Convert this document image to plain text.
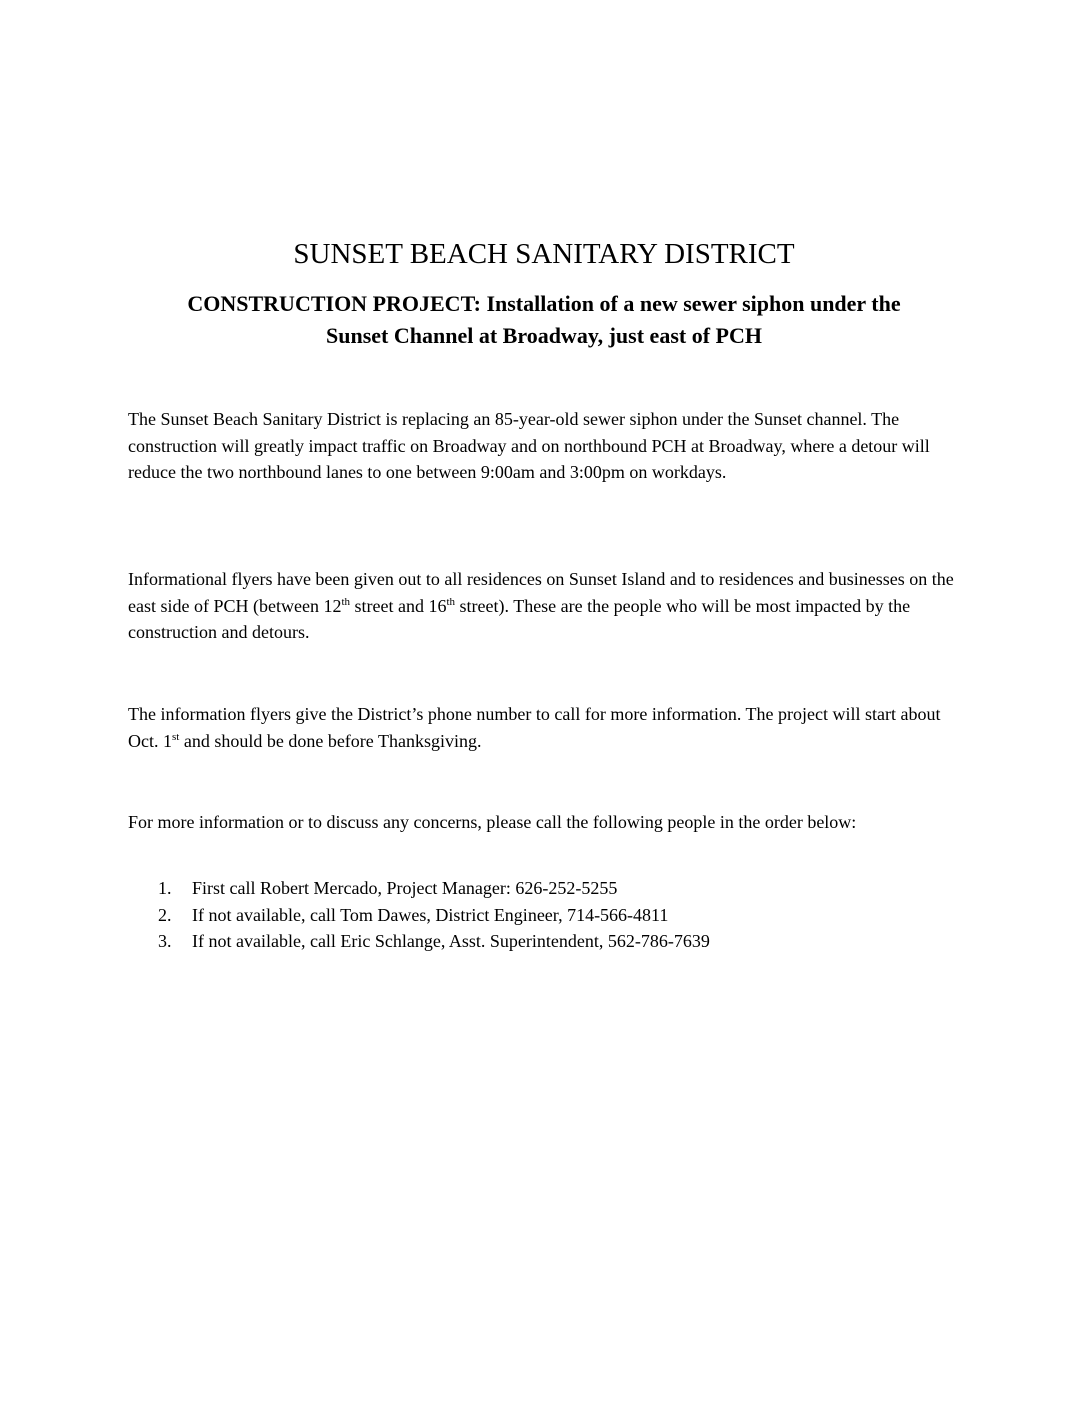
SUNSET BEACH SANITARY DISTRICT
CONSTRUCTION PROJECT: Installation of a new sewer siphon under the
Sunset Channel at Broadway, just east of PCH

The Sunset Beach Sanitary District is replacing an 85-year-old sewer siphon under the Sunset channel. The construction will greatly impact traffic on Broadway and on northbound PCH at Broadway, where a detour will reduce the two northbound lanes to one between 9:00am and 3:00pm on workdays.

Informational flyers have been given out to all residences on Sunset Island and to residences and businesses on the east side of PCH (between 12th street and 16th street). These are the people who will be most impacted by the construction and detours.

The information flyers give the District’s phone number to call for more information. The project will start about Oct. 1st and should be done before Thanksgiving.

For more information or to discuss any concerns, please call the following people in the order below:

1. First call Robert Mercado, Project Manager: 626-252-5255
2. If not available, call Tom Dawes, District Engineer, 714-566-4811
3. If not available, call Eric Schlange, Asst. Superintendent, 562-786-7639
